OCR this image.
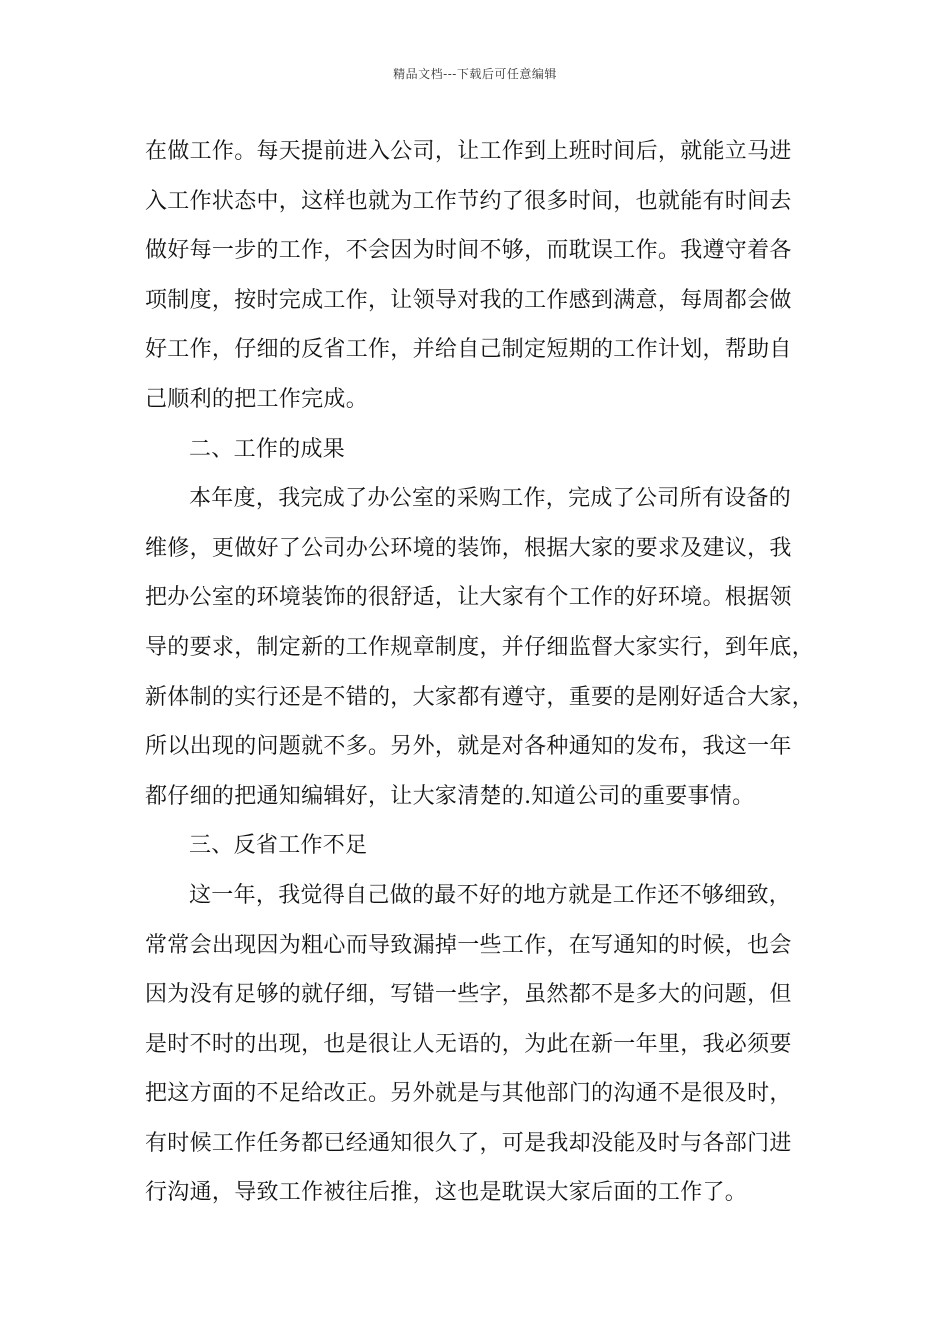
精品文档---下载后可任意编辑
在做工作。每天提前进入公司，让工作到上班时间后，就能立马进
入工作状态中，这样也就为工作节约了很多时间，也就能有时间去
做好每一步的工作，不会因为时间不够，而耽误工作。我遵守着各
项制度，按时完成工作，让领导对我的工作感到满意，每周都会做
好工作，仔细的反省工作，并给自己制定短期的工作计划，帮助自
己顺利的把工作完成。
二、工作的成果
本年度，我完成了办公室的采购工作，完成了公司所有设备的
维修，更做好了公司办公环境的装饰，根据大家的要求及建议，我
把办公室的环境装饰的很舒适，让大家有个工作的好环境。根据领
导的要求，制定新的工作规章制度，并仔细监督大家实行，到年底，
新体制的实行还是不错的，大家都有遵守，重要的是刚好适合大家，
所以出现的问题就不多。另外，就是对各种通知的发布，我这一年
都仔细的把通知编辑好，让大家清楚的.知道公司的重要事情。
三、反省工作不足
这一年，我觉得自己做的最不好的地方就是工作还不够细致，
常常会出现因为粗心而导致漏掉一些工作，在写通知的时候，也会
因为没有足够的就仔细，写错一些字，虽然都不是多大的问题，但
是时不时的出现，也是很让人无语的，为此在新一年里，我必须要
把这方面的不足给改正。另外就是与其他部门的沟通不是很及时，
有时候工作任务都已经通知很久了，可是我却没能及时与各部门进
行沟通，导致工作被往后推，这也是耽误大家后面的工作了。
